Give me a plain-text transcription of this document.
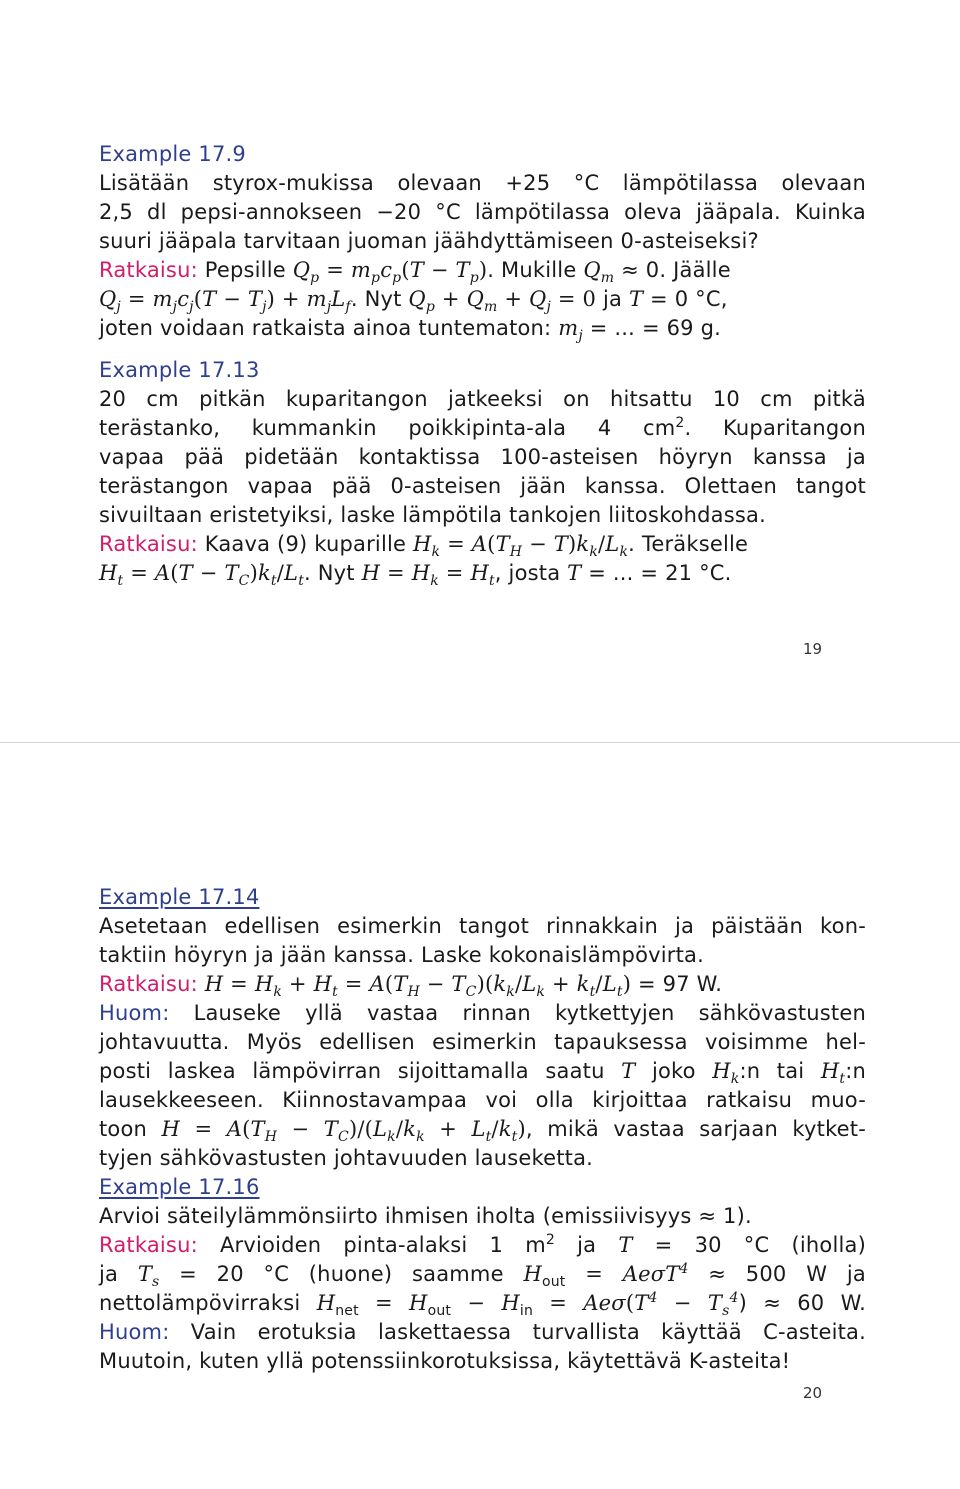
Example 17.9
Lisätään styrox-mukissa olevaan +25 °C lämpötilassa olevaan
2,5 dl pepsi-annokseen −20 °C lämpötilassa oleva jääpala. Kuinka
suuri jääpala tarvitaan juoman jäähdyttämiseen 0-asteiseksi?
Ratkaisu: Pepsille $Q_p = m_pc_p(T - T_p)$. Mukille $Q_m \approx 0$. Jäälle
$Q_j = m_jc_j(T - T_j) + m_jL_f$. Nyt $Q_p + Q_m + Q_j = 0$ ja T = 0 °C,
joten voidaan ratkaista ainoa tuntematon: $m_j$ = ... = 69 g.
Example 17.13
20 cm pitkän kuparitangon jatkeeksi on hitsattu 10 cm pitkä
terästanko, kummankin poikkipinta-ala 4 $cm^2$. Kuparitangon
vapaa pää pidetään kontaktissa 100-asteisen höyryn kanssa ja
terästangon vapaa pää 0-asteisen jään kanssa. Olettaen tangot
sivuiltaan eristetyiksi, laske lämpötila tankojen liitoskohdassa.
Ratkaisu: Kaava (9) kuparille $H_k = A(T_H - T)k_k/L_k$. Teräkselle
$H_t = A(T - T_C)k_t/L_t$. Nyt $H = H_k = H_t$, josta T = ... = 21 °C.
19
Example 17.14
Asetetaan edellisen esimerkin tangot rinnakkain ja päistään kon-
taktiin höyryn ja jään kanssa. Laske kokonaislämpövirta.
Ratkaisu: $H = H_k + H_t = A(T_H - T_C)(k_k/L_k + k_t/L_t) = 97$ W.
Huom: Lauseke yllä vastaa rinnan kytkettyjen sähkövastusten
johtavuutta. Myös edellisen esimerkin tapauksessa voisimme hel-
posti laskea lämpövirran sijoittamalla saatu T joko $H_k:n$ tai $H_t:n$
lausekkeeseen. Kiinnostavampaa voi olla kirjoittaa ratkaisu muo-
toon $H = A(T_H - T_C)/(L_k/k_k + L_t/k_t)$, mikä vastaa sarjaan kytket-
tyjen sähkövastusten johtavuuden lauseketta.
Example 17.16
Arvioi säteilylämmönsiirto ihmisen iholta (emissiivisyys ≈ 1).
Ratkaisu: Arvioiden pinta-alaksi 1 $m^2$ ja T = 30 °C (iholla)
ja $T_s = 20$ °C (huone) saamme $H_{out} = Ae\sigma T^4 \approx 500$ W ja
nettolämpövirraksi $H_{net} = H_{out} - H_{in} = Ae\sigma(T^4 - T_s^4) \approx 60$ W.
Huom: Vain erotuksia laskettaessa turvallista käyttää C-asteita.
Muutoin, kuten yllä potenssiinkorotuksissa, käytettävä K-asteita!
20
